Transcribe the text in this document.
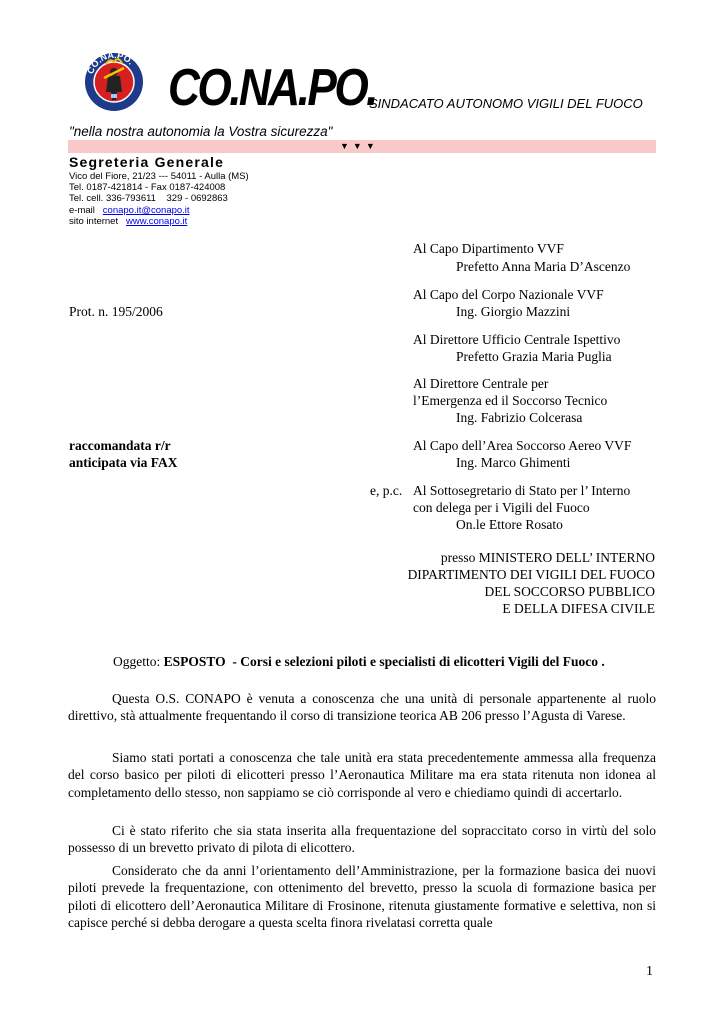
CO.NA.PO. CO.NA.PO.
SINDACATO AUTONOMO VIGILI DEL FUOCO
"nella nostra autonomia la Vostra sicurezza"
▼▼▼
Segreteria Generale
Vico del Fiore, 21/23 --- 54011 - Aulla (MS)
Tel. 0187-421814 - Fax 0187-424008
Tel. cell. 336-793611    329 - 0692863
e-mail conapo.it@conapo.it
sito internet www.conapo.it
Al Capo Dipartimento VVF
Prefetto Anna Maria D’Ascenzo
Al Capo del Corpo Nazionale VVF
Ing. Giorgio Mazzini
Prot. n. 195/2006
Al Direttore Ufficio Centrale Ispettivo
Prefetto Grazia Maria Puglia
Al Direttore Centrale per
l’Emergenza ed il Soccorso Tecnico
Ing. Fabrizio Colcerasa
raccomandata r/r
anticipata via FAX
Al Capo dell’Area Soccorso Aereo VVF
Ing. Marco Ghimenti
e, p.c. Al Sottosegretario di Stato per l’ Interno
con delega per i Vigili del Fuoco
On.le Ettore Rosato
presso MINISTERO DELL’ INTERNO
DIPARTIMENTO DEI VIGILI DEL FUOCO
DEL SOCCORSO PUBBLICO
E DELLA DIFESA CIVILE
Oggetto: ESPOSTO  - Corsi e selezioni piloti e specialisti di elicotteri Vigili del Fuoco .
Questa O.S. CONAPO è venuta a conoscenza che una unità di personale appartenente al ruolo direttivo, stà attualmente frequentando il corso di transizione teorica AB 206 presso l’Agusta di Varese.
Siamo stati portati a conoscenza che tale unità era stata precedentemente ammessa alla frequenza del corso basico per piloti di elicotteri presso l’Aeronautica Militare ma era stata ritenuta non idonea al completamento dello stesso, non sappiamo se ciò corrisponde al vero e chiediamo quindi di accertarlo.
Ci è stato riferito che sia stata inserita alla frequentazione del sopraccitato corso in virtù del solo possesso di un brevetto privato di pilota di elicottero.
Considerato che da anni l’orientamento dell’Amministrazione, per la formazione basica dei nuovi piloti prevede la frequentazione, con ottenimento del brevetto, presso la scuola di formazione basica per piloti di elicottero dell’Aeronautica Militare di Frosinone, ritenuta giustamente formative e selettiva, non si capisce perché si debba derogare a questa scelta finora rivelatasi corretta quale
1
